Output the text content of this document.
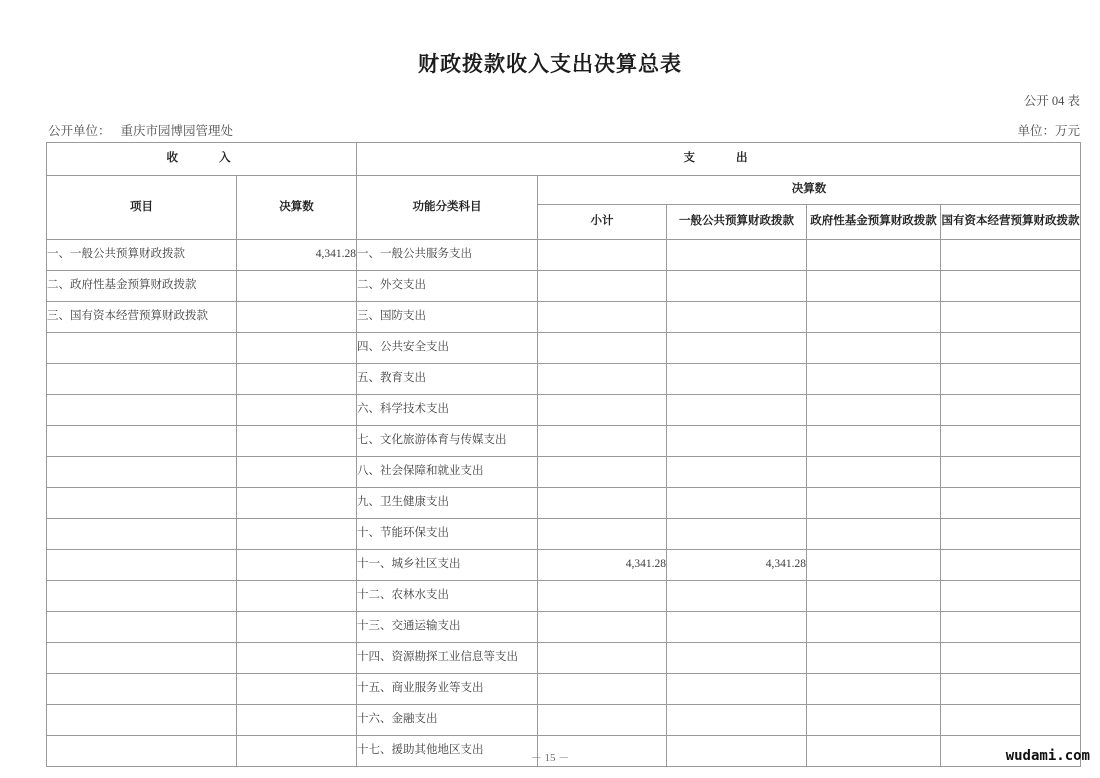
财政拨款收入支出决算总表
公开 04 表
公开单位： 重庆市园博园管理处	单位：万元
收　　入		支　　出				
项目	决算数	功能分类科目	决算数			
			小计	一般公共预算财政拨款	政府性基金预算财政拨款	国有资本经营预算财政拨款
一、一般公共预算财政拨款	4,341.28	一、一般公共服务支出				
二、政府性基金预算财政拨款		二、外交支出				
三、国有资本经营预算财政拨款		三、国防支出				
		四、公共安全支出				
		五、教育支出				
		六、科学技术支出				
		七、文化旅游体育与传媒支出				
		八、社会保障和就业支出				
		九、卫生健康支出				
		十、节能环保支出				
		十一、城乡社区支出	4,341.28	4,341.28		
		十二、农林水支出				
		十三、交通运输支出				
		十四、资源勘探工业信息等支出				
		十五、商业服务业等支出				
		十六、金融支出				
		十七、援助其他地区支出				
－ 15 －	wudami.com
